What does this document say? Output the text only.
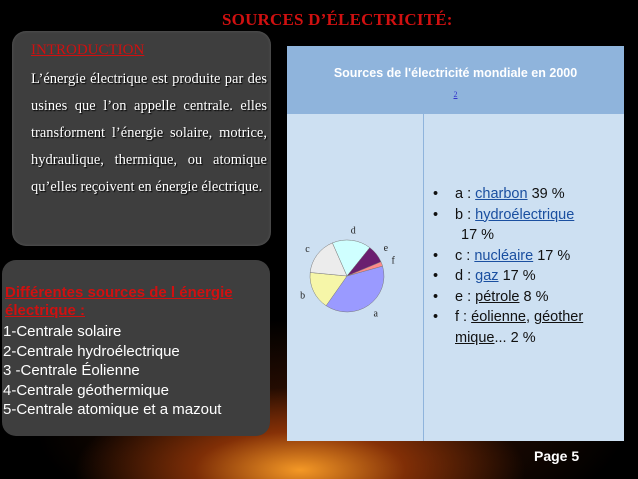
SOURCES D’ÉLECTRICITÉ:
INTRODUCTION

L’énergie électrique est produite par des usines que l’on appelle centrale. elles transforment l’énergie solaire, motrice, hydraulique, thermique, ou atomique qu’elles reçoivent en énergie électrique.

Différentes sources de l énergie électrique :
1-Centrale solaire
2-Centrale hydroélectrique
3 -Centrale Éolienne
4-Centrale géothermique
5-Centrale atomique et a mazout

Sources de l'électricité mondiale en 2000

2
a
b
c
d
e
f
• a : charbon 39 %
• b : hydroélectrique
17 %
• c : nucléaire 17 %
• d : gaz 17 %
• e : pétrole 8 %
• f : éolienne, géother mique... 2 %

Page 5
